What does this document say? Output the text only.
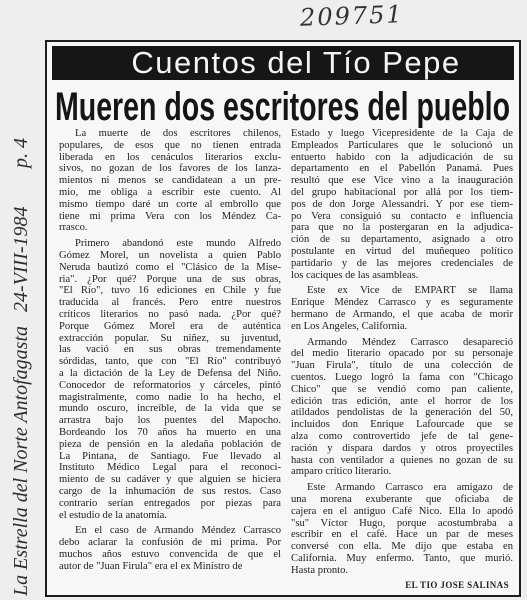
209751
La Estrella del Norte Antofagasta24-VIII-1984p. 4
Cuentos del Tío Pepe
Mueren dos escritores del pueblo
La muerte de dos escritores chilenos,
populares, de esos que no tienen entrada
liberada en los cenáculos literarios exclu-
sivos, no gozan de los favores de los lanza-
mientos ni menos se candidatean a un pre-
mio, me obliga a escribir este cuento. Al
mismo tiempo daré un corte al embrollo que
tiene mi prima Vera con los Méndez Ca-
rrasco.
Primero abandonó este mundo Alfredo
Gómez Morel, un novelista a quien Pablo
Neruda bautizó como el "Clásico de la Mise-
ria". ¿Por qué? Porque una de sus obras,
"El Río", tuvo 16 ediciones en Chile y fue
traducida al francés. Pero entre nuestros
críticos literarios no pasó nada. ¿Por qué?
Porque Gómez Morel era de auténtica
extracción popular. Su niñez, su juventud,
las vació en sus obras tremendamente
sórdidas, tanto, que con "El Río" contribuyó
a la dictación de la Ley de Defensa del Niño.
Conocedor de reformatorios y cárceles, pintó
magistralmente, como nadie lo ha hecho, el
mundo oscuro, increíble, de la vida que se
arrastra bajo los puentes del Mapocho.
Bordeando los 70 años ha muerto en una
pieza de pensión en la aledaña población de
La Pintana, de Santiago. Fue llevado al
Instituto Médico Legal para el reconoci-
miento de su cadáver y que alguien se hiciera
cargo de la inhumación de sus restos. Caso
contrario serían entregados por piezas para
el estudio de la anatomía.
En el caso de Armando Méndez Carrasco
debo aclarar la confusión de mi prima. Por
muchos años estuvo convencida de que el
autor de "Juan Firula" era el ex Ministro de
Estado y luego Vicepresidente de la Caja de
Empleados Particulares que le solucionó un
entuerto habido con la adjudicación de su
departamento en el Pabellón Panamá. Pues
resultó que ese Vice vino a la inauguración
del grupo habitacional por allá por los tiem-
pos de don Jorge Alessandri. Y por ese tiem-
po Vera consiguió su contacto e influencia
para que no la postergaran en la adjudica-
ción de su departamento, asignado a otro
postulante en virtud del muñequeo político
partidario y de las mejores credenciales de
los caciques de las asambleas.
Este ex Vice de EMPART se llama
Enrique Méndez Carrasco y es seguramente
hermano de Armando, el que acaba de morir
en Los Angeles, California.
Armando Méndez Carrasco desapareció
del medio literario opacado por su personaje
"Juan Firula", título de una colección de
cuentos. Luego logró la fama con "Chicago
Chico" que se vendió como pan caliente,
edición tras edición, ante el horror de los
atildados pendolistas de la generación del 50,
incluidos don Enrique Lafourcade que se
alza como controvertido jefe de tal gene-
ración y dispara dardos y otros proyectiles
hasta con ventilador a quienes no gozan de su
amparo crítico literario.
Este Armando Carrasco era amigazo de
una morena exuberante que oficiaba de
cajera en el antiguo Café Nico. Ella lo apodó
"su" Víctor Hugo, porque acostumbraba a
escribir en el café. Hace un par de meses
conversé con ella. Me dijo que estaba en
California. Muy enfermo. Tanto, que murió.
Hasta pronto.
EL TIO JOSE SALINAS
